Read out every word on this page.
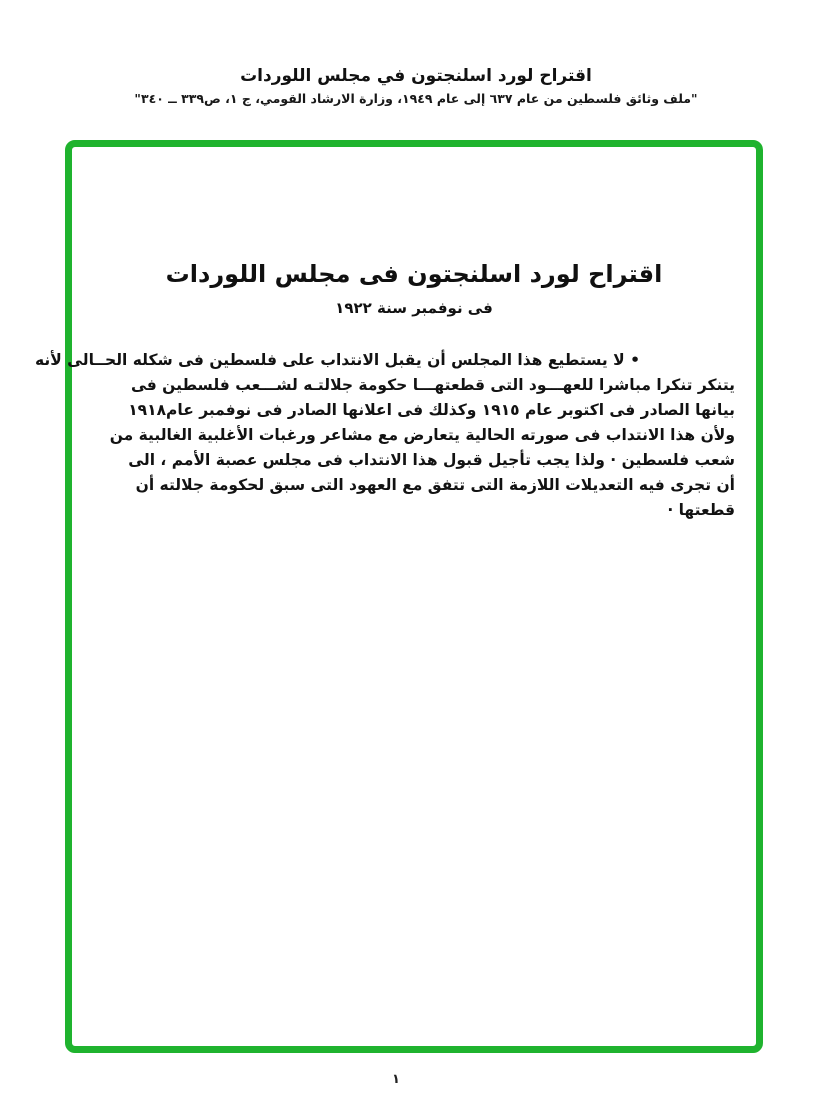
اقتراح لورد اسلنجتون في مجلس اللوردات
"ملف وثائق فلسطين من عام ٦٣٧ إلى عام ١٩٤٩، وزارة الارشاد القومي، ج ١، ص٣٣٩ ــ ٣٤٠"
اقتراح لورد اسلنجتون فى مجلس اللوردات
فى نوفمبر سنة ١٩٢٢
• لا يستطيع هذا المجلس أن يقبل الانتداب على فلسطين فى شكله الحــالى لأنه
يتنكر تنكرا مباشرا للعهـــود التى قطعتهـــا حكومة جلالتـه لشـــعب فلسطين فى
بيانها الصادر فى اكتوبر عام ١٩١٥ وكذلك فى اعلانها الصادر فى نوفمبر عام١٩١٨
ولأن هذا الانتداب فى صورته الحالية يتعارض مع مشاعر ورغبات الأغلبية الغالبية من
شعب فلسطين · ولذا يجب تأجيل قبول هذا الانتداب فى مجلس عصبة الأمم ، الى
أن تجرى فيه التعديلات اللازمة التى تتفق مع العهود التى سبق لحكومة جلالته أن
قطعتها ·
١
